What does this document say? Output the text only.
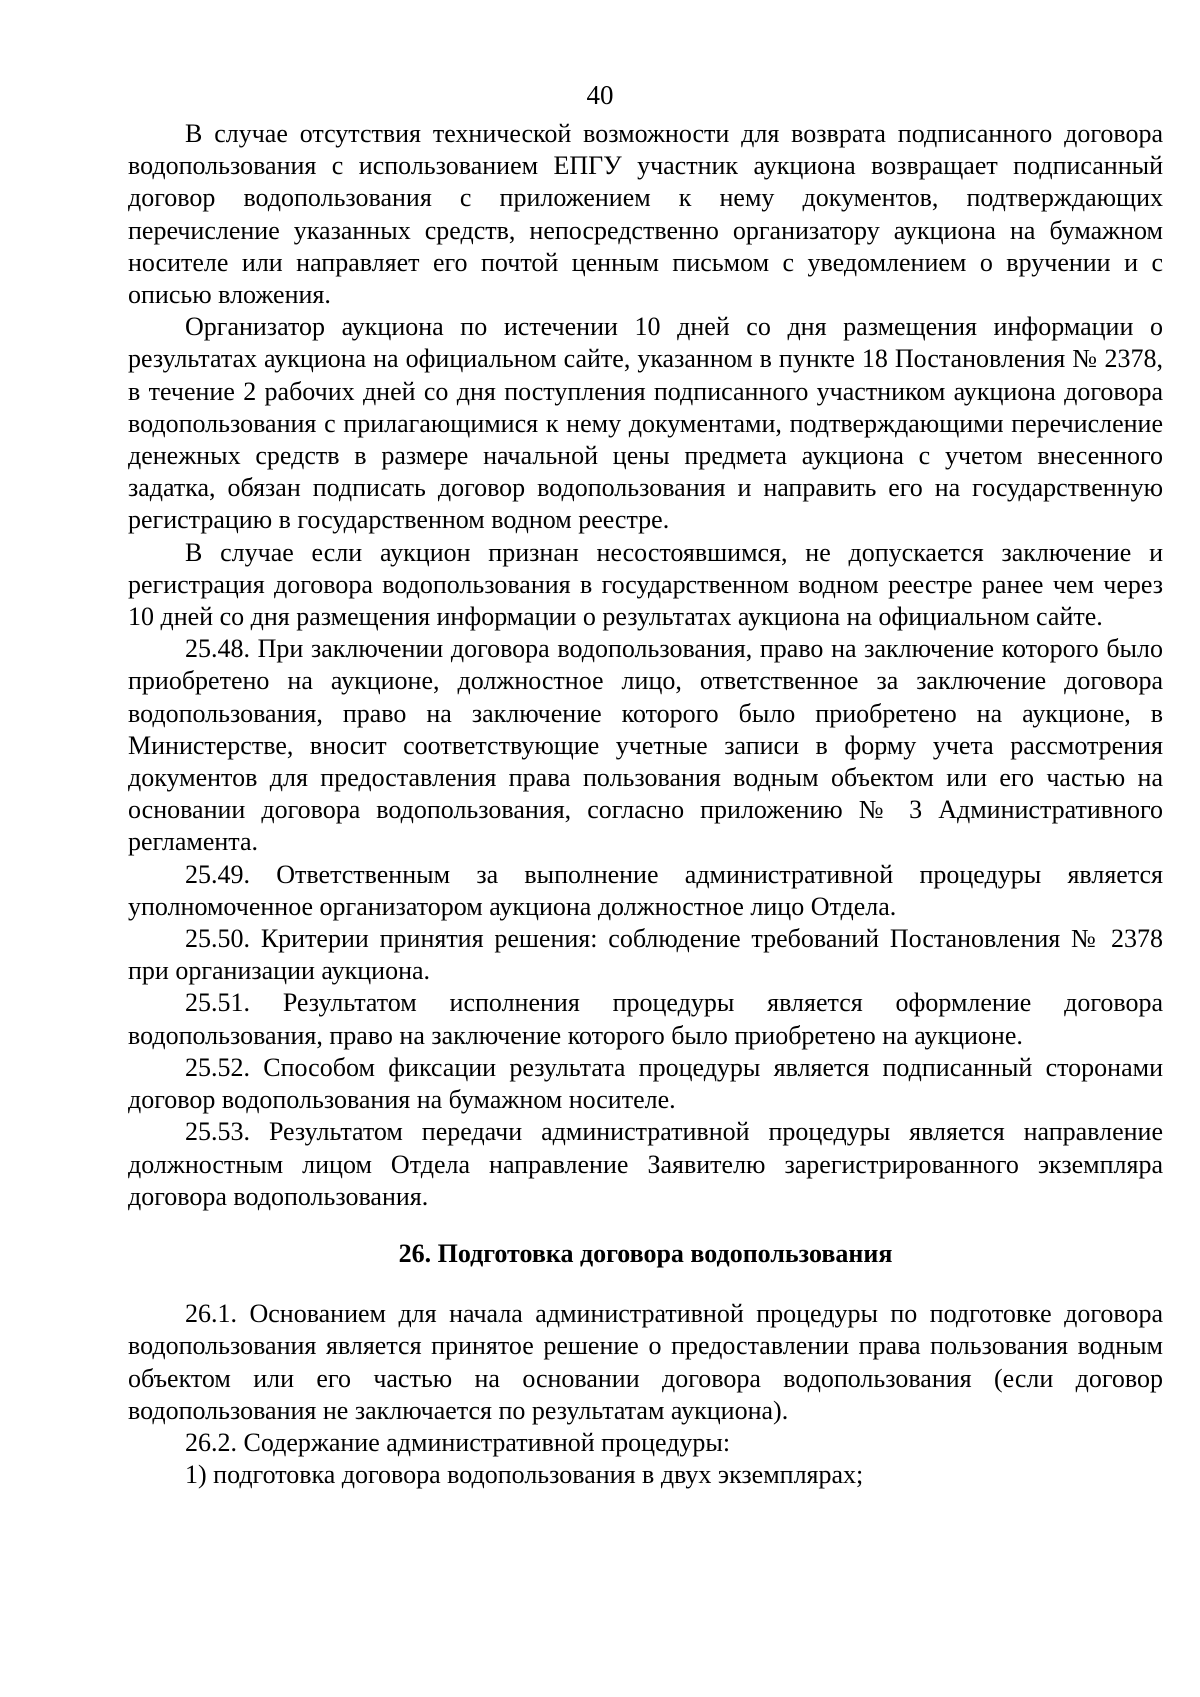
40

В случае отсутствия технической возможности для возврата подписанного договора водопользования с использованием ЕПГУ участник аукциона возвращает подписанный договор водопользования с приложением к нему документов, подтверждающих перечисление указанных средств, непосредственно организатору аукциона на бумажном носителе или направляет его почтой ценным письмом с уведомлением о вручении и с описью вложения.

Организатор аукциона по истечении 10 дней со дня размещения информации о результатах аукциона на официальном сайте, указанном в пункте 18 Постановления № 2378, в течение 2 рабочих дней со дня поступления подписанного участником аукциона договора водопользования с прилагающимися к нему документами, подтверждающими перечисление денежных средств в размере начальной цены предмета аукциона с учетом внесенного задатка, обязан подписать договор водопользования и направить его на государственную регистрацию в государственном водном реестре.

В случае если аукцион признан несостоявшимся, не допускается заключение и регистрация договора водопользования в государственном водном реестре ранее чем через 10 дней со дня размещения информации о результатах аукциона на официальном сайте.

25.48. При заключении договора водопользования, право на заключение которого было приобретено на аукционе, должностное лицо, ответственное за заключение договора водопользования, право на заключение которого было приобретено на аукционе, в Министерстве, вносит соответствующие учетные записи в форму учета рассмотрения документов для предоставления права пользования водным объектом или его частью на основании договора водопользования, согласно приложению № 3 Административного регламента.

25.49. Ответственным за выполнение административной процедуры является уполномоченное организатором аукциона должностное лицо Отдела.

25.50. Критерии принятия решения: соблюдение требований Постановления № 2378 при организации аукциона.

25.51. Результатом исполнения процедуры является оформление договора водопользования, право на заключение которого было приобретено на аукционе.

25.52. Способом фиксации результата процедуры является подписанный сторонами договор водопользования на бумажном носителе.

25.53. Результатом передачи административной процедуры является направление должностным лицом Отдела направление Заявителю зарегистрированного экземпляра договора водопользования.

26. Подготовка договора водопользования

26.1. Основанием для начала административной процедуры по подготовке договора водопользования является принятое решение о предоставлении права пользования водным объектом или его частью на основании договора водопользования (если договор водопользования не заключается по результатам аукциона).

26.2. Содержание административной процедуры:

1) подготовка договора водопользования в двух экземплярах;
